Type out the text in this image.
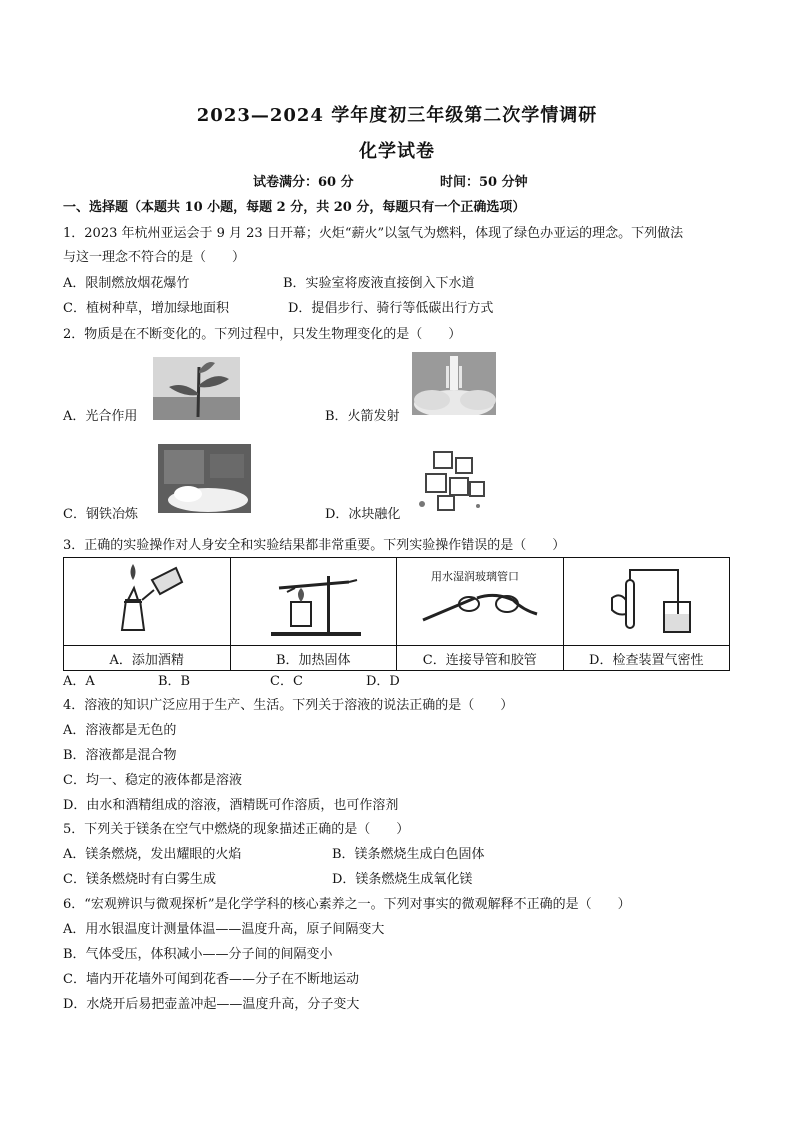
2023—2024 学年度初三年级第二次学情调研
化学试卷
试卷满分：60 分	时间：50 分钟
一、选择题（本题共 10 小题，每题 2 分，共 20 分，每题只有一个正确选项）
1．2023 年杭州亚运会于 9 月 23 日开幕；火炬“薪火”以氢气为燃料，体现了绿色办亚运的理念。下列做法
与这一理念不符合的是（　　）
A．限制燃放烟花爆竹	B．实验室将废液直接倒入下水道
C．植树种草，增加绿地面积	D．提倡步行、骑行等低碳出行方式
2．物质是在不断变化的。下列过程中，只发生物理变化的是（　　）
A．光合作用	B．火箭发射
C．钢铁冶炼	D．冰块融化
3．正确的实验操作对人身安全和实验结果都非常重要。下列实验操作错误的是（　　）

用水湿润玻璃管口

A．添加酒精	B．加热固体	C．连接导管和胶管	D．检查装置气密性
A．A	B．B	C．C	D．D
4．溶液的知识广泛应用于生产、生活。下列关于溶液的说法正确的是（　　）
A．溶液都是无色的
B．溶液都是混合物
C．均一、稳定的液体都是溶液
D．由水和酒精组成的溶液，酒精既可作溶质，也可作溶剂
5．下列关于镁条在空气中燃烧的现象描述正确的是（　　）
A．镁条燃烧，发出耀眼的火焰	B．镁条燃烧生成白色固体
C．镁条燃烧时有白雾生成	D．镁条燃烧生成氧化镁
6．“宏观辨识与微观探析”是化学学科的核心素养之一。下列对事实的微观解释不正确的是（　　）
A．用水银温度计测量体温——温度升高，原子间隔变大
B．气体受压，体积减小——分子间的间隔变小
C．墙内开花墙外可闻到花香——分子在不断地运动
D．水烧开后易把壶盖冲起——温度升高，分子变大
